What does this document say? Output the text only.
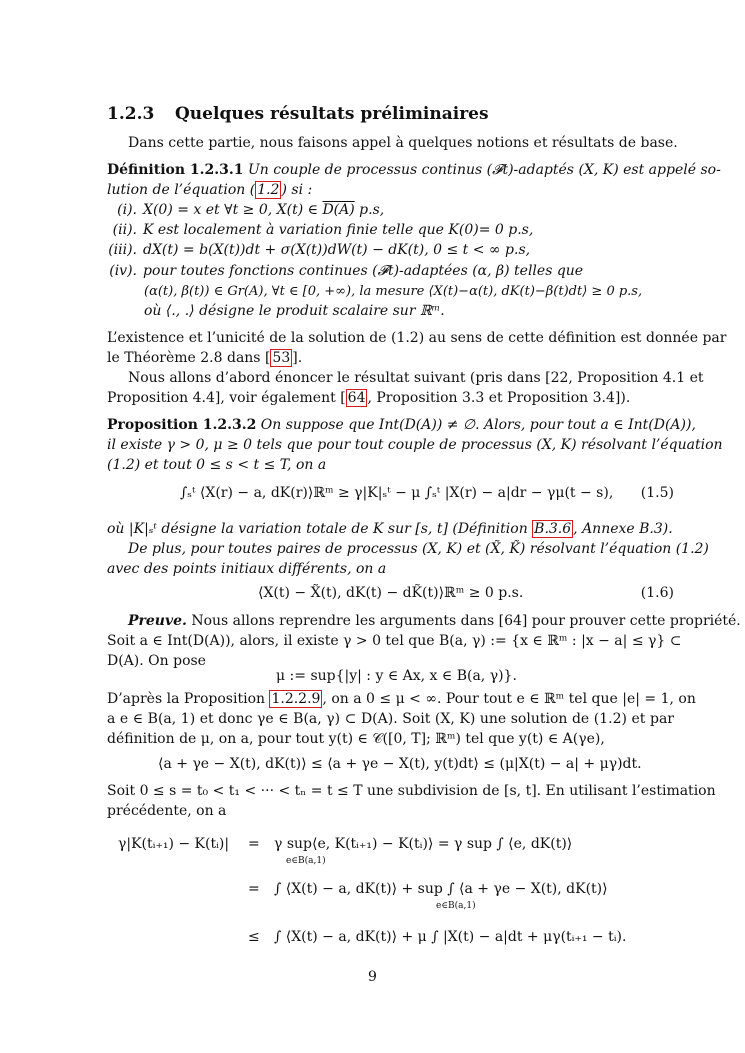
1.2.3 Quelques résultats préliminaires
Dans cette partie, nous faisons appel à quelques notions et résultats de base.
Définition 1.2.3.1 Un couple de processus continus (𝓕t)-adaptés (X, K) est appelé so-
lution de l’équation ( 1.2 ) si :
(i). X(0) = x et ∀t ≥ 0, X(t) ∈ D(A) p.s,
(ii). K est localement à variation finie telle que K(0)= 0 p.s,
(iii). dX(t) = b(X(t))dt + σ(X(t))dW(t) − dK(t), 0 ≤ t < ∞ p.s,
(iv). pour toutes fonctions continues (𝓕t)-adaptées (α, β) telles que
(α(t), β(t)) ∈ Gr(A), ∀t ∈ [0, +∞), la mesure ⟨X(t)−α(t), dK(t)−β(t)dt⟩ ≥ 0 p.s,
où ⟨., .⟩ désigne le produit scalaire sur ℝᵐ.
L’existence et l’unicité de la solution de (1.2) au sens de cette définition est donnée par
le Théorème 2.8 dans [ 53 ].
Nous allons d’abord énoncer le résultat suivant (pris dans [22, Proposition 4.1 et
Proposition 4.4], voir également [ 64 , Proposition 3.3 et Proposition 3.4]).
Proposition 1.2.3.2 On suppose que Int(D(A)) ≠ ∅. Alors, pour tout a ∈ Int(D(A)),
il existe γ > 0, μ ≥ 0 tels que pour tout couple de processus (X, K) résolvant l’équation
(1.2) et tout 0 ≤ s < t ≤ T, on a
∫ₛᵗ ⟨X(r) − a, dK(r)⟩ℝᵐ ≥ γ|K|ₛᵗ − μ ∫ₛᵗ |X(r) − a|dr − γμ(t − s), (1.5)
où |K|ₛᵗ désigne la variation totale de K sur [s, t] (Définition B.3.6 , Annexe B.3).
De plus, pour toutes paires de processus (X, K) et (X̃, K̃) résolvant l’équation (1.2)
avec des points initiaux différents, on a
⟨X(t) − X̃(t), dK(t) − dK̃(t)⟩ℝᵐ ≥ 0 p.s.	(1.6)
Preuve. Nous allons reprendre les arguments dans [64] pour prouver cette propriété.
Soit a ∈ Int(D(A)), alors, il existe γ > 0 tel que B(a, γ) := {x ∈ ℝᵐ : |x − a| ≤ γ} ⊂
D(A). On pose
μ := sup{|y| : y ∈ Ax, x ∈ B(a, γ)}.
D’après la Proposition 1.2.2.9 , on a 0 ≤ μ < ∞. Pour tout e ∈ ℝᵐ tel que |e| = 1, on
a e ∈ B(a, 1) et donc γe ∈ B(a, γ) ⊂ D(A). Soit (X, K) une solution de (1.2) et par
définition de μ, on a, pour tout y(t) ∈ 𝒞([0, T]; ℝᵐ) tel que y(t) ∈ A(γe),
⟨a + γe − X(t), dK(t)⟩ ≤ ⟨a + γe − X(t), y(t)dt⟩ ≤ (μ|X(t) − a| + μγ)dt.
Soit 0 ≤ s = t₀ < t₁ < ··· < tₙ = t ≤ T une subdivision de [s, t]. En utilisant l’estimation
précédente, on a
γ|K(tᵢ₊₁) − K(tᵢ)| = γ sup⟨e, K(tᵢ₊₁) − K(tᵢ)⟩ = γ sup ∫ ⟨e, dK(t)⟩
e∈B(a,1)
= ∫ ⟨X(t) − a, dK(t)⟩ + sup ∫ ⟨a + γe − X(t), dK(t)⟩
e∈B(a,1)
≤ ∫ ⟨X(t) − a, dK(t)⟩ + μ ∫ |X(t) − a|dt + μγ(tᵢ₊₁ − tᵢ).
9
